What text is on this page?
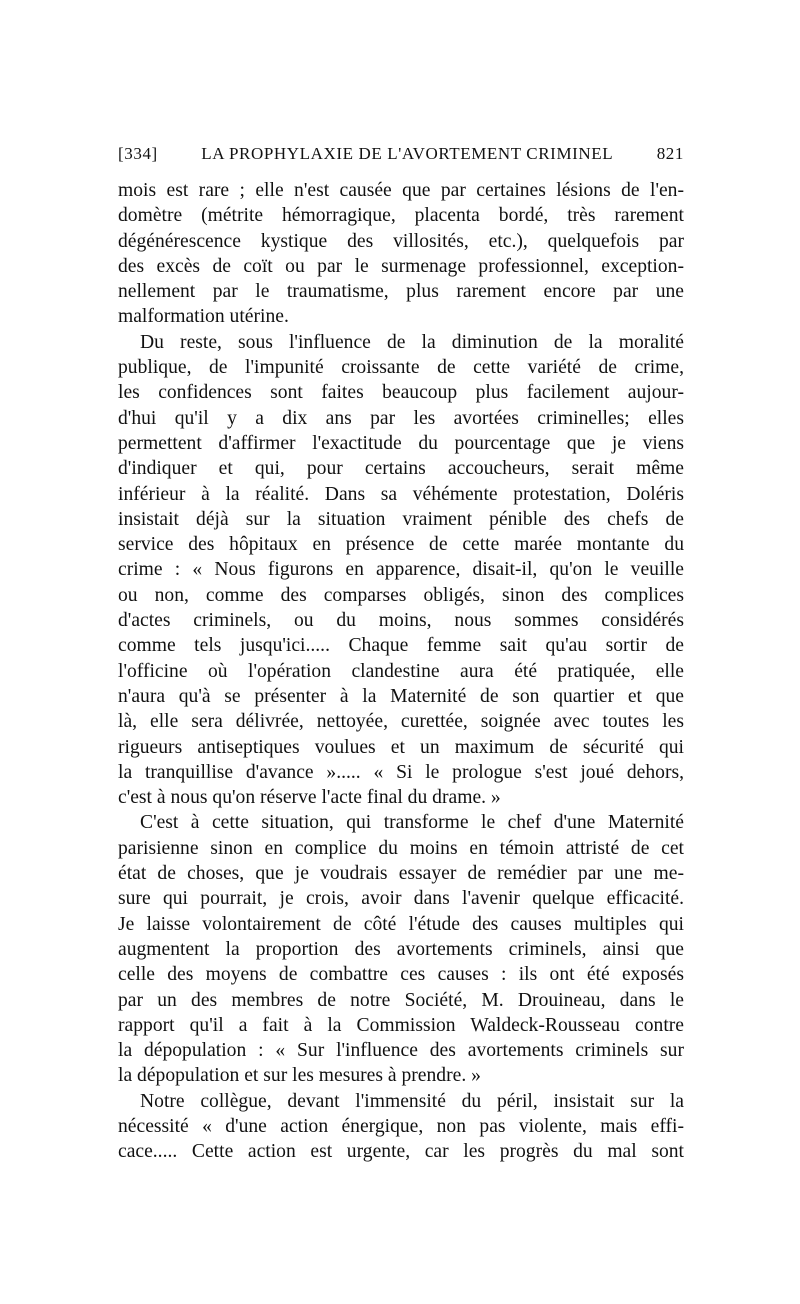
[334]	LA PROPHYLAXIE DE L'AVORTEMENT CRIMINEL	821
mois est rare ; elle n'est causée que par certaines lésions de l'en-
domètre (métrite hémorragique, placenta bordé, très rarement
dégénérescence kystique des villosités, etc.), quelquefois par
des excès de coït ou par le surmenage professionnel, exception-
nellement par le traumatisme, plus rarement encore par une
malformation utérine.
Du reste, sous l'influence de la diminution de la moralité
publique, de l'impunité croissante de cette variété de crime,
les confidences sont faites beaucoup plus facilement aujour-
d'hui qu'il y a dix ans par les avortées criminelles; elles
permettent d'affirmer l'exactitude du pourcentage que je viens
d'indiquer et qui, pour certains accoucheurs, serait même
inférieur à la réalité. Dans sa véhémente protestation, Doléris
insistait déjà sur la situation vraiment pénible des chefs de
service des hôpitaux en présence de cette marée montante du
crime : « Nous figurons en apparence, disait-il, qu'on le veuille
ou non, comme des comparses obligés, sinon des complices
d'actes criminels, ou du moins, nous sommes considérés
comme tels jusqu'ici..... Chaque femme sait qu'au sortir de
l'officine où l'opération clandestine aura été pratiquée, elle
n'aura qu'à se présenter à la Maternité de son quartier et que
là, elle sera délivrée, nettoyée, curettée, soignée avec toutes les
rigueurs antiseptiques voulues et un maximum de sécurité qui
la tranquillise d'avance »..... « Si le prologue s'est joué dehors,
c'est à nous qu'on réserve l'acte final du drame. »
C'est à cette situation, qui transforme le chef d'une Maternité
parisienne sinon en complice du moins en témoin attristé de cet
état de choses, que je voudrais essayer de remédier par une me-
sure qui pourrait, je crois, avoir dans l'avenir quelque efficacité.
Je laisse volontairement de côté l'étude des causes multiples qui
augmentent la proportion des avortements criminels, ainsi que
celle des moyens de combattre ces causes : ils ont été exposés
par un des membres de notre Société, M. Drouineau, dans le
rapport qu'il a fait à la Commission Waldeck-Rousseau contre
la dépopulation : « Sur l'influence des avortements criminels sur
la dépopulation et sur les mesures à prendre. »
Notre collègue, devant l'immensité du péril, insistait sur la
nécessité « d'une action énergique, non pas violente, mais effi-
cace..... Cette action est urgente, car les progrès du mal sont
